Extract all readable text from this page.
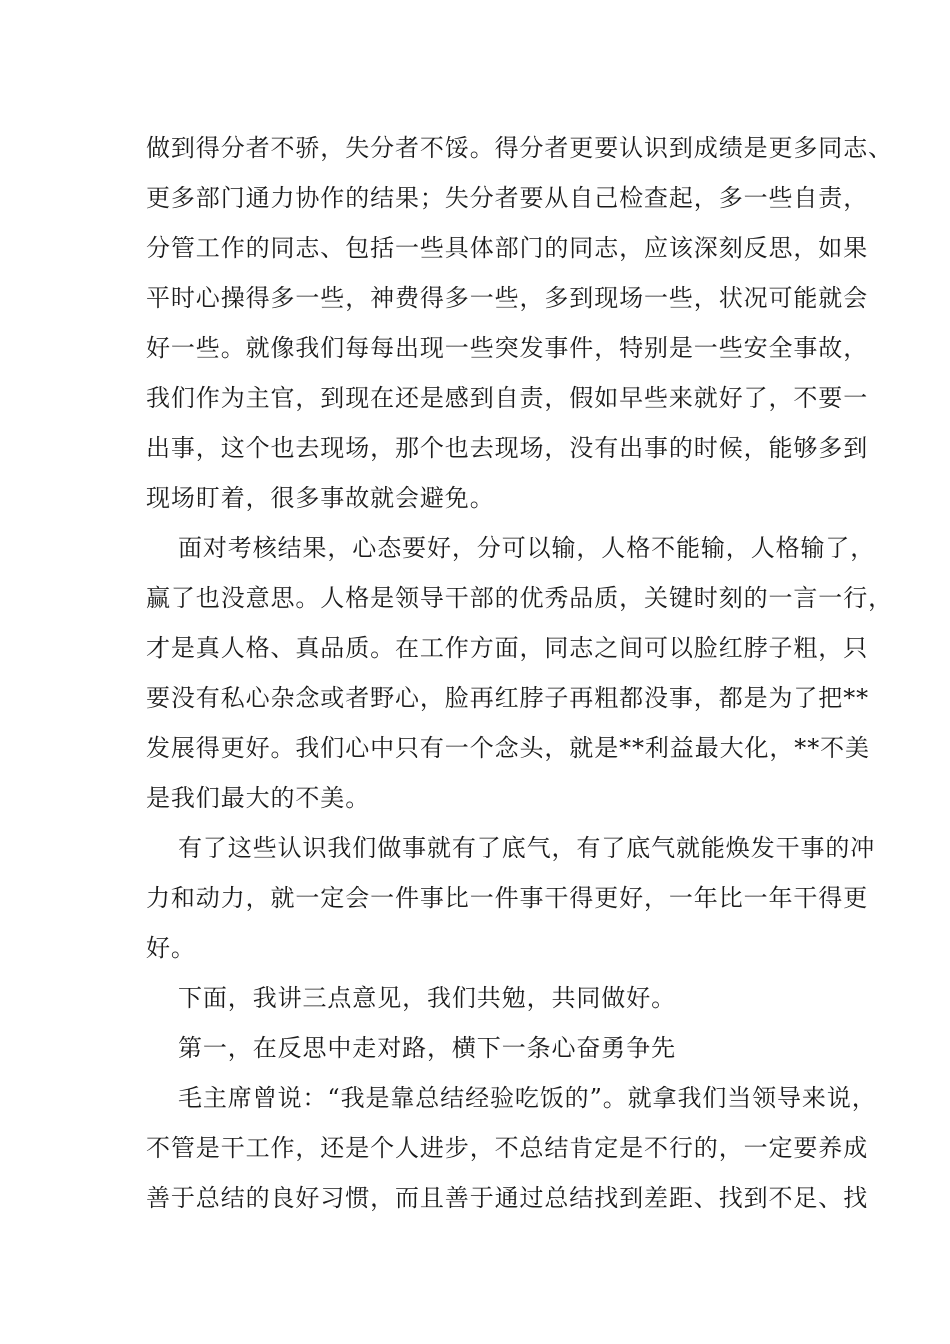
做到得分者不骄，失分者不馁。得分者更要认识到成绩是更多同志、
更多部门通力协作的结果；失分者要从自己检查起，多一些自责，
分管工作的同志、包括一些具体部门的同志，应该深刻反思，如果
平时心操得多一些，神费得多一些，多到现场一些，状况可能就会
好一些。就像我们每每出现一些突发事件，特别是一些安全事故，
我们作为主官，到现在还是感到自责，假如早些来就好了，不要一
出事，这个也去现场，那个也去现场，没有出事的时候，能够多到
现场盯着，很多事故就会避免。
面对考核结果，心态要好，分可以输，人格不能输，人格输了，
赢了也没意思。人格是领导干部的优秀品质，关键时刻的一言一行，
才是真人格、真品质。在工作方面，同志之间可以脸红脖子粗，只
要没有私心杂念或者野心，脸再红脖子再粗都没事，都是为了把**
发展得更好。我们心中只有一个念头，就是**利益最大化，**不美
是我们最大的不美。
有了这些认识我们做事就有了底气，有了底气就能焕发干事的冲
力和动力，就一定会一件事比一件事干得更好，一年比一年干得更
好。
下面，我讲三点意见，我们共勉，共同做好。
第一，在反思中走对路，横下一条心奋勇争先
毛主席曾说：“我是靠总结经验吃饭的”。就拿我们当领导来说，
不管是干工作，还是个人进步，不总结肯定是不行的，一定要养成
善于总结的良好习惯，而且善于通过总结找到差距、找到不足、找
